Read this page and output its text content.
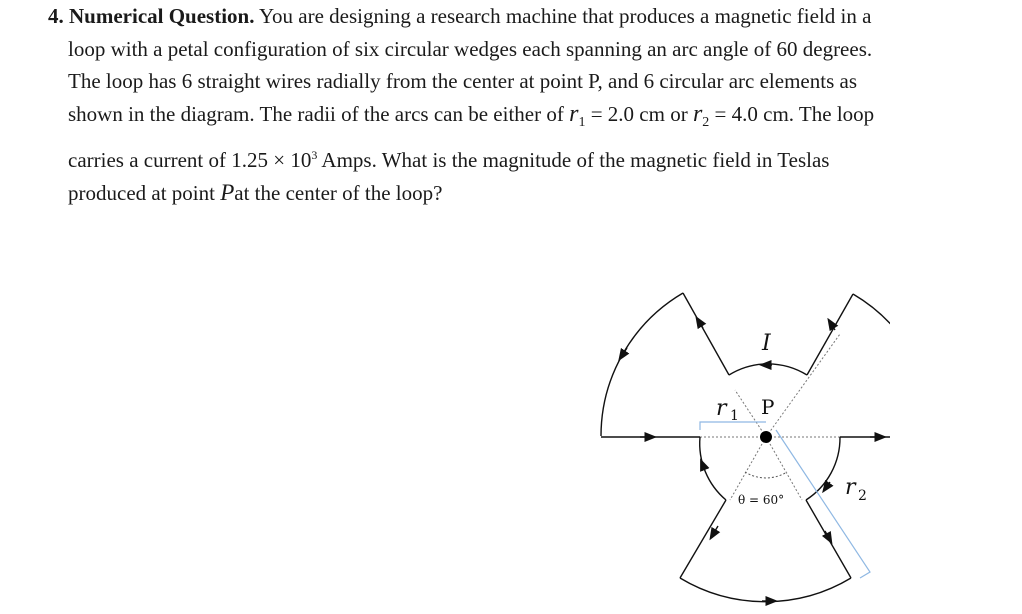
4. Numerical Question. You are designing a research machine that produces a magnetic field in a
loop with a petal configuration of six circular wedges each spanning an arc angle of 60 degrees.
The loop has 6 straight wires radially from the center at point P, and 6 circular arc elements as
shown in the diagram. The radii of the arcs can be either of $r_1 = 2.0$ cm or $r_2 = 4.0$ cm. The loop
carries a current of $1.25 \times 10^3$ Amps. What is the magnitude of the magnetic field in Teslas
produced at point Pat the center of the loop?

I
r 1 P
θ = 60°	r 2
